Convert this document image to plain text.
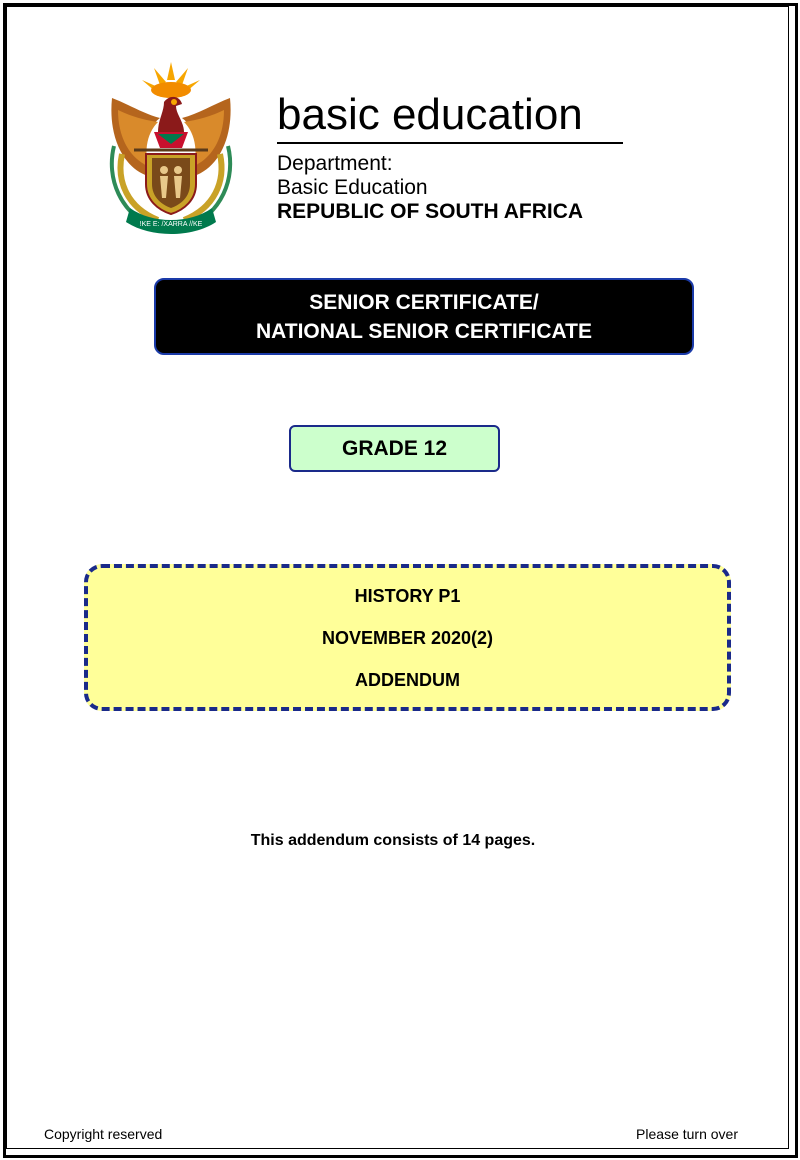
!KE E: /XARRA //KE
basic education
Department:
Basic Education
REPUBLIC OF SOUTH AFRICA
SENIOR CERTIFICATE/
NATIONAL SENIOR CERTIFICATE
GRADE 12
HISTORY P1
NOVEMBER 2020(2)
ADDENDUM
This addendum consists of 14 pages.
Copyright reserved	Please turn over
